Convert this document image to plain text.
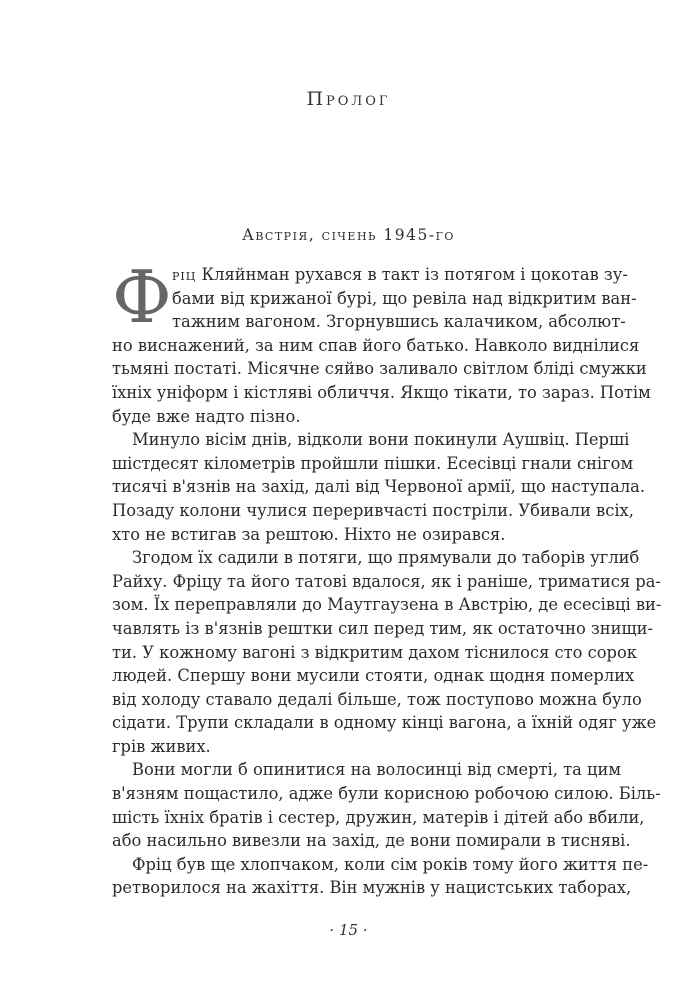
Пролог
Австрія, січень 1945-го
Ф ріц Кляйнман рухався в такт із потягом і цокотав зу-
бами від крижаної бурі, що ревіла над відкритим ван-
тажним вагоном. Згорнувшись калачиком, абсолют-
но виснажений, за ним спав його батько. Навколо виднілися
тьмяні постаті. Місячне сяйво заливало світлом бліді смужки
їхніх уніформ і кістляві обличчя. Якщо тікати, то зараз. Потім
буде вже надто пізно.
Минуло вісім днів, відколи вони покинули Аушвіц. Перші
шістдесят кілометрів пройшли пішки. Есесівці гнали снігом
тисячі в'язнів на захід, далі від Червоної армії, що наступала.
Позаду колони чулися переривчасті постріли. Убивали всіх,
хто не встигав за рештою. Ніхто не озирався.
Згодом їх садили в потяги, що прямували до таборів углиб
Райху. Фріцу та його татові вдалося, як і раніше, триматися ра-
зом. Їх переправляли до Маутгаузена в Австрію, де есесівці ви-
чавлять із в'язнів рештки сил перед тим, як остаточно знищи-
ти. У кожному вагоні з відкритим дахом тіснилося сто сорок
людей. Спершу вони мусили стояти, однак щодня померлих
від холоду ставало дедалі більше, тож поступово можна було
сідати. Трупи складали в одному кінці вагона, а їхній одяг уже
грів живих.
Вони могли б опинитися на волосинці від смерті, та цим
в'язням пощастило, адже були корисною робочою силою. Біль-
шість їхніх братів і сестер, дружин, матерів і дітей або вбили,
або насильно вивезли на захід, де вони помирали в тисняві.
Фріц був ще хлопчаком, коли сім років тому його життя пе-
ретворилося на жахіття. Він мужнів у нацистських таборах,
· 15 ·
